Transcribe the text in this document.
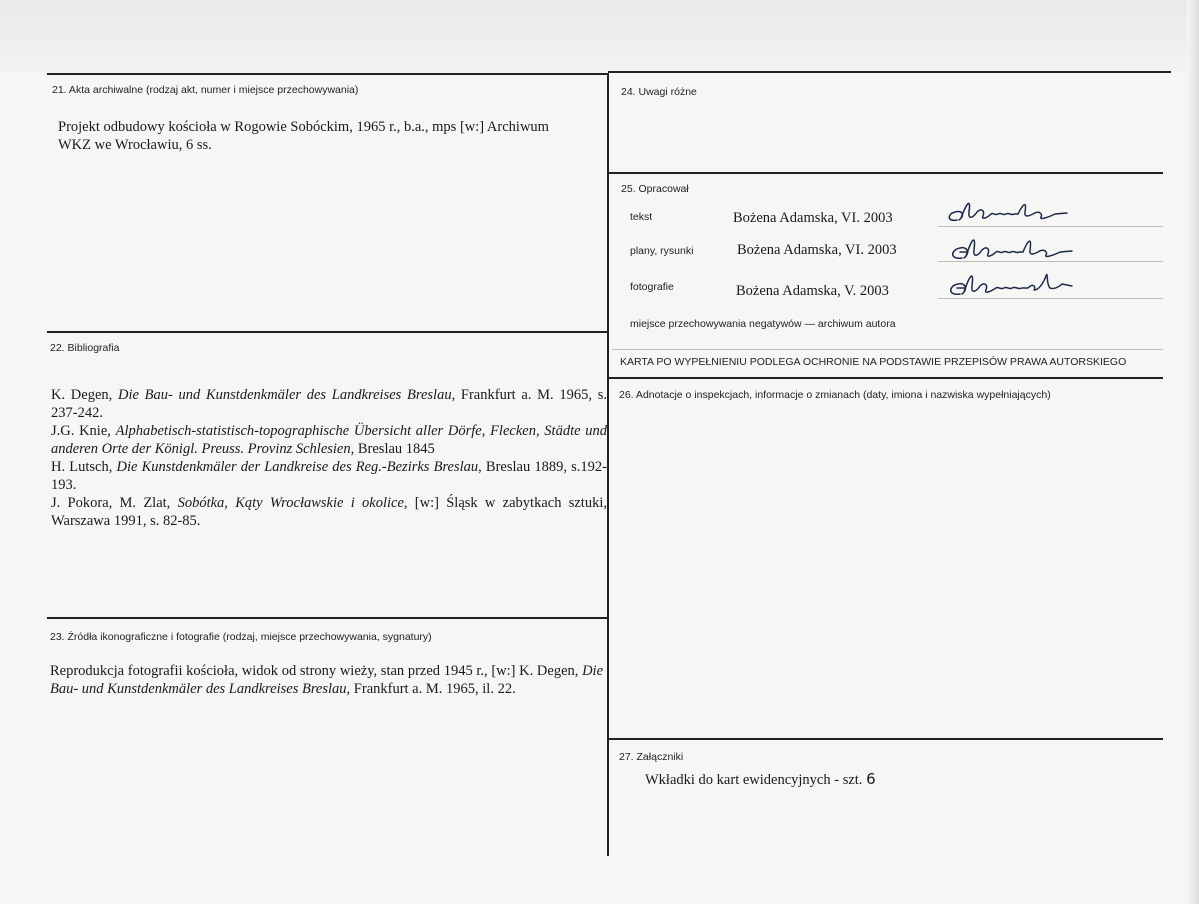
21. Akta archiwalne (rodzaj akt, numer i miejsce przechowywania)
Projekt odbudowy kościoła w Rogowie Sobóckim, 1965 r., b.a., mps [w:] Archiwum
WKZ we Wrocławiu, 6 ss.
22. Bibliografia
K. Degen, Die Bau- und Kunstdenkmäler des Landkreises Breslau, Frankfurt a. M. 1965, s. 237-242.
J.G. Knie, Alphabetisch-statistisch-topographische Übersicht aller Dörfe, Flecken, Städte und anderen Orte der Königl. Preuss. Provinz Schlesien, Breslau 1845
H. Lutsch, Die Kunstdenkmäler der Landkreise des Reg.-Bezirks Breslau, Breslau 1889, s.192-193.
J. Pokora, M. Zlat, Sobótka, Kąty Wrocławskie i okolice, [w:] Śląsk w zabytkach sztuki, Warszawa 1991, s. 82-85.
23. Źródła ikonograficzne i fotografie (rodzaj, miejsce przechowywania, sygnatury)
Reprodukcja fotografii kościoła, widok od strony wieży, stan przed 1945 r., [w:] K. Degen, Die Bau- und Kunstdenkmäler des Landkreises Breslau, Frankfurt a. M. 1965, il. 22.
24. Uwagi różne
25. Opracował
tekst	Bożena Adamska, VI. 2003
plany, rysunki	Bożena Adamska, VI. 2003
fotografie	Bożena Adamska, V. 2003
miejsce przechowywania negatywów — archiwum autora
KARTA PO WYPEŁNIENIU PODLEGA OCHRONIE NA PODSTAWIE PRZEPISÓW PRAWA AUTORSKIEGO
26. Adnotacje o inspekcjach, informacje o zmianach (daty, imiona i nazwiska wypełniających)
27. Załączniki
Wkładki do kart ewidencyjnych - szt. 6
